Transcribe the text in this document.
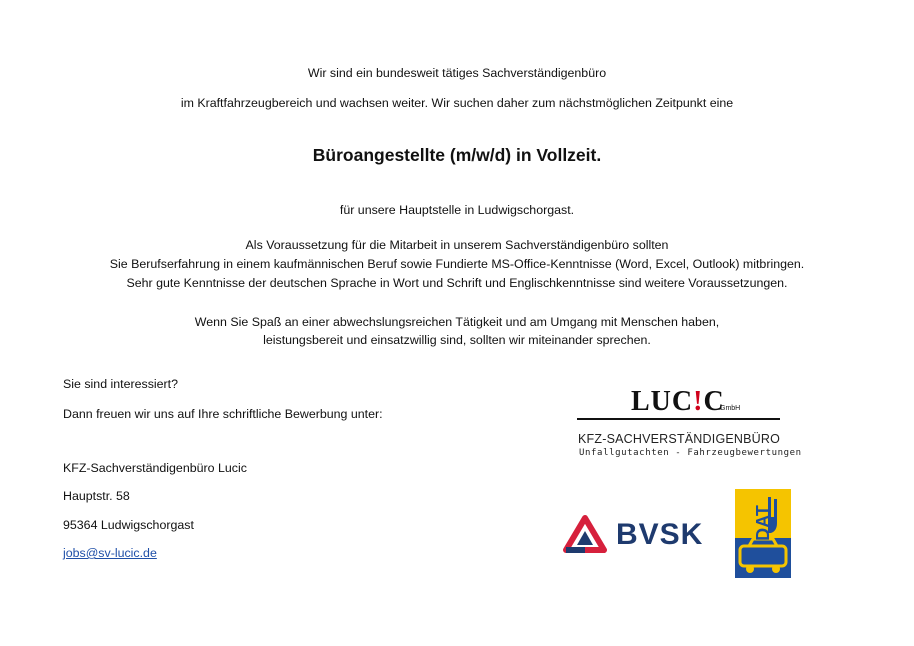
Wir sind ein bundesweit tätiges Sachverständigenbüro
im Kraftfahrzeugbereich und wachsen weiter. Wir suchen daher zum nächstmöglichen Zeitpunkt eine
Büroangestellte (m/w/d) in Vollzeit.
für unsere Hauptstelle in Ludwigschorgast.
Als Voraussetzung für die Mitarbeit in unserem Sachverständigenbüro sollten
Sie Berufserfahrung in einem kaufmännischen Beruf sowie Fundierte MS-Office-Kenntnisse (Word, Excel, Outlook) mitbringen.
Sehr gute Kenntnisse der deutschen Sprache in Wort und Schrift und Englischkenntnisse sind weitere Voraussetzungen.
Wenn Sie Spaß an einer abwechslungsreichen Tätigkeit und am Umgang mit Menschen haben,
leistungsbereit und einsatzwillig sind, sollten wir miteinander sprechen.
Sie sind interessiert?
Dann freuen wir uns auf Ihre schriftliche Bewerbung unter:
KFZ-Sachverständigenbüro Lucic
Hauptstr. 58
95364 Ludwigschorgast
jobs@sv-lucic.de
LUC!C
GmbH
KFZ-SACHVERSTÄNDIGENBÜRO
Unfallgutachten - Fahrzeugbewertungen
BVSK	DAT
